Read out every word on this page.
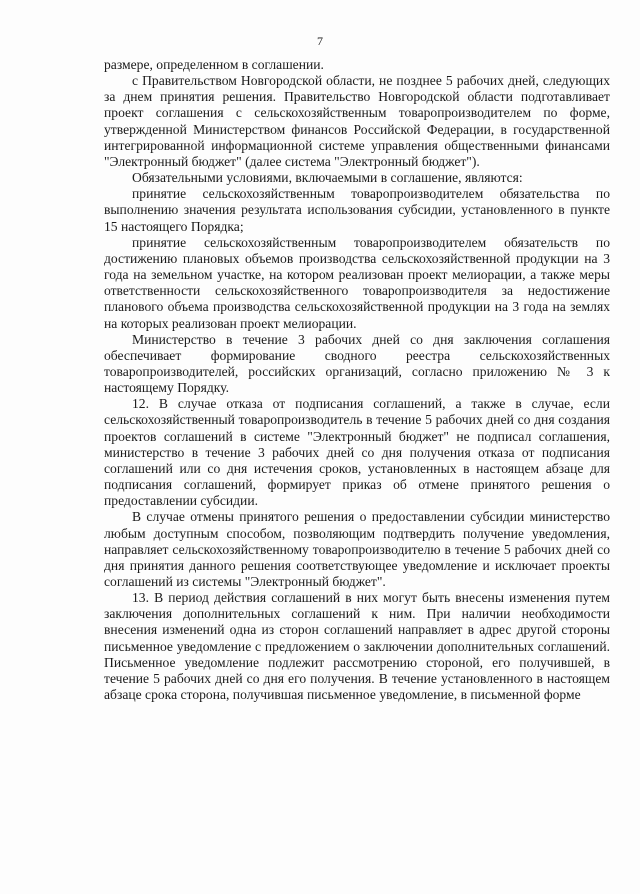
7

размере, определенном в соглашении.

с Правительством Новгородской области, не позднее 5 рабочих дней, следующих за днем принятия решения. Правительство Новгородской области подготавливает проект соглашения с сельскохозяйственным товаропроизводителем по форме, утвержденной Министерством финансов Российской Федерации, в государственной интегрированной информационной системе управления общественными финансами "Электронный бюджет" (далее система "Электронный бюджет").

Обязательными условиями, включаемыми в соглашение, являются:

принятие сельскохозяйственным товаропроизводителем обязательства по выполнению значения результата использования субсидии, установленного в пункте 15 настоящего Порядка;

принятие сельскохозяйственным товаропроизводителем обязательств по достижению плановых объемов производства сельскохозяйственной продукции на 3 года на земельном участке, на котором реализован проект мелиорации, а также меры ответственности сельскохозяйственного товаропроизводителя за недостижение планового объема производства сельскохозяйственной продукции на 3 года на землях на которых реализован проект мелиорации.

Министерство в течение 3 рабочих дней со дня заключения соглашения обеспечивает формирование сводного реестра сельскохозяйственных товаропроизводителей, российских организаций, согласно приложению № 3 к настоящему Порядку.

12. В случае отказа от подписания соглашений, а также в случае, если сельскохозяйственный товаропроизводитель в течение 5 рабочих дней со дня создания проектов соглашений в системе "Электронный бюджет" не подписал соглашения, министерство в течение 3 рабочих дней со дня получения отказа от подписания соглашений или со дня истечения сроков, установленных в настоящем абзаце для подписания соглашений, формирует приказ об отмене принятого решения о предоставлении субсидии.

В случае отмены принятого решения о предоставлении субсидии министерство любым доступным способом, позволяющим подтвердить получение уведомления, направляет сельскохозяйственному товаропроизводителю в течение 5 рабочих дней со дня принятия данного решения соответствующее уведомление и исключает проекты соглашений из системы "Электронный бюджет".

13. В период действия соглашений в них могут быть внесены изменения путем заключения дополнительных соглашений к ним. При наличии необходимости внесения изменений одна из сторон соглашений направляет в адрес другой стороны письменное уведомление с предложением о заключении дополнительных соглашений. Письменное уведомление подлежит рассмотрению стороной, его получившей, в течение 5 рабочих дней со дня его получения. В течение установленного в настоящем абзаце срока сторона, получившая письменное уведомление, в письменной форме
